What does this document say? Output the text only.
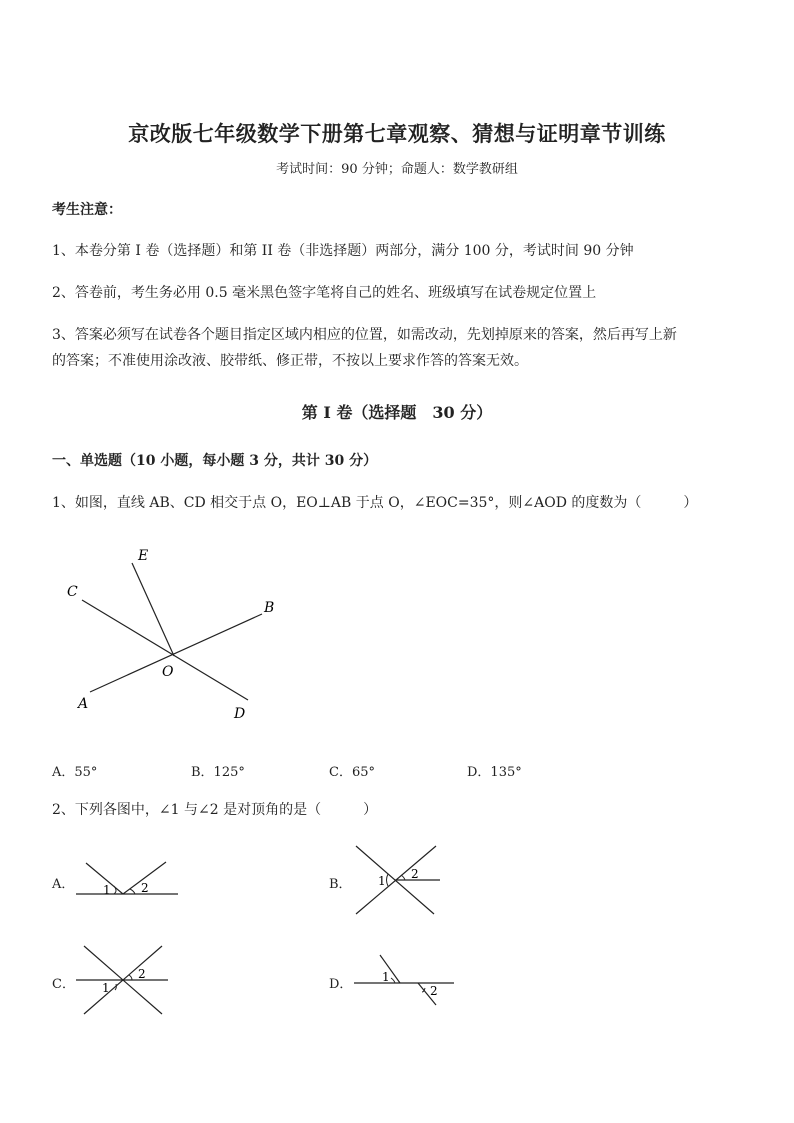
京改版七年级数学下册第七章观察、猜想与证明章节训练
考试时间：90 分钟；命题人：数学教研组
考生注意：
1、本卷分第 I 卷（选择题）和第 II 卷（非选择题）两部分，满分 100 分，考试时间 90 分钟
2、答卷前，考生务必用 0.5 毫米黑色签字笔将自己的姓名、班级填写在试卷规定位置上
3、答案必须写在试卷各个题目指定区域内相应的位置，如需改动，先划掉原来的答案，然后再写上新
的答案；不准使用涂改液、胶带纸、修正带，不按以上要求作答的答案无效。
第 I 卷（选择题　30 分）
一、单选题（10 小题，每小题 3 分，共计 30 分）
1、如图，直线 AB、CD 相交于点 O，EO⊥AB 于点 O，∠EOC=35°，则∠AOD 的度数为（　　　）
E
C
B
O
A
D
A．55°	B．125°	C．65°	D．135°
2、下列各图中，∠1 与∠2 是对顶角的是（　　　）
A． 1	2	B． 1 2
C． 1
2
D． 1
2
